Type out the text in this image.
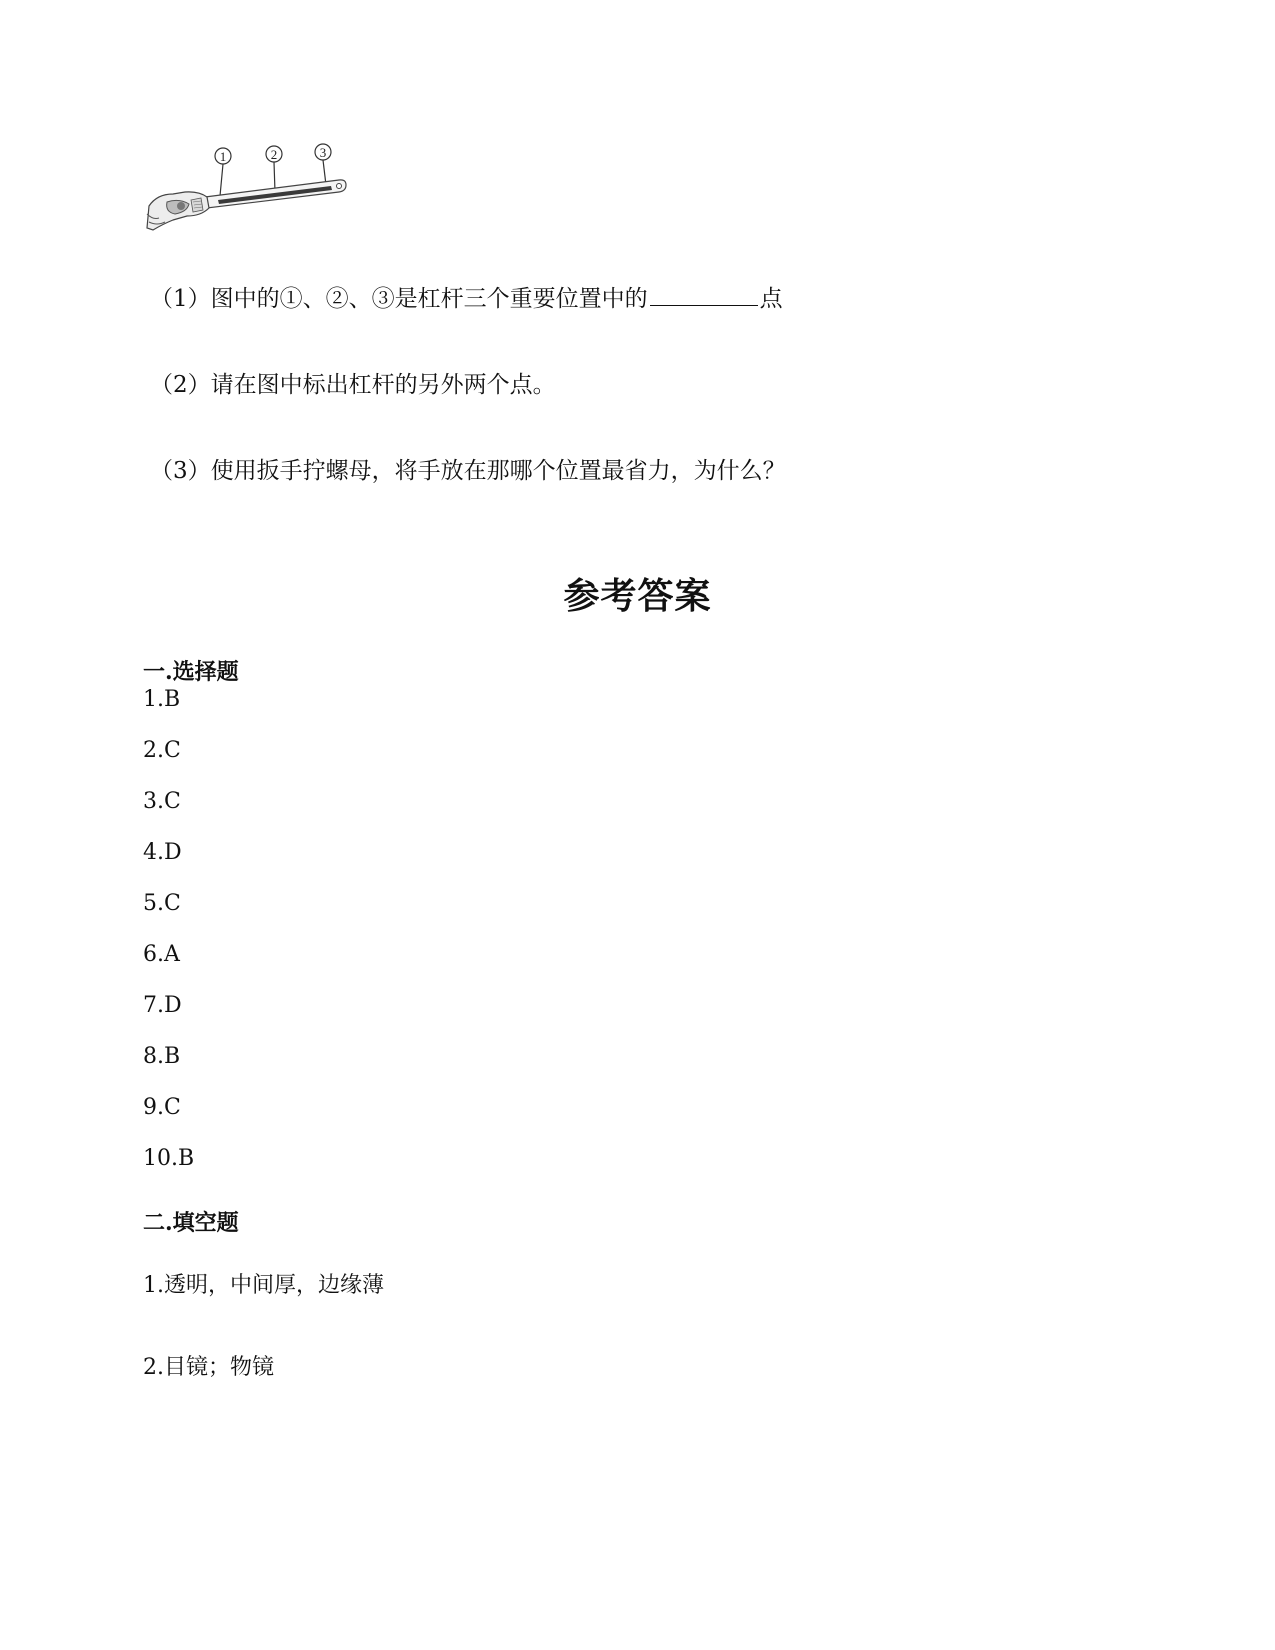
1	2	3
（1）图中的①、②、③是杠杆三个重要位置中的	点
（2）请在图中标出杠杆的另外两个点。
（3）使用扳手拧螺母，将手放在那哪个位置最省力，为什么？
参考答案
一.选择题
1.B
2.C
3.C
4.D
5.C
6.A
7.D
8.B
9.C
10.B
二.填空题
1.透明，中间厚，边缘薄
2.目镜；物镜
